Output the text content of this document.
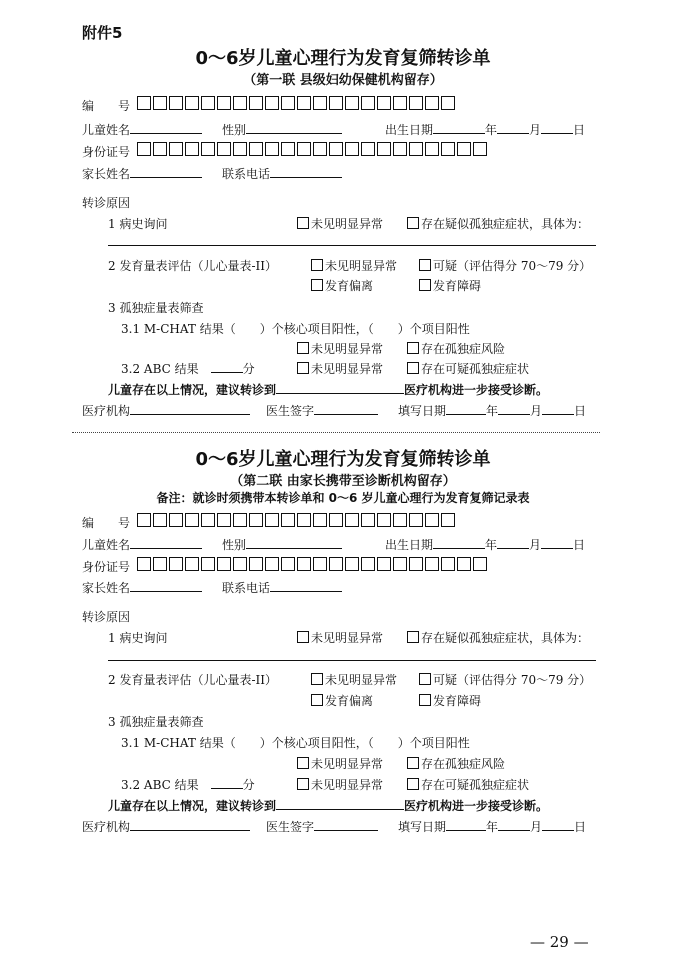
附件5
0～6岁儿童心理行为发育复筛转诊单
（第一联 县级妇幼保健机构留存）
编　　号
儿童姓名	性别	出生日期	年	月	日
身份证号
家长姓名	联系电话
转诊原因
1 病史询问	未见明显异常	存在疑似孤独症症状，具体为：
2 发育量表评估（儿心量表-II）	未见明显异常	可疑（评估得分 70～79 分）
发育偏离	发育障碍
3 孤独症量表筛查
3.1 M-CHAT 结果（　　）个核心项目阳性，（　　）个项目阳性
未见明显异常	存在孤独症风险
3.2 ABC 结果 	分	未见明显异常	存在可疑孤独症症状
儿童存在以上情况，建议转诊到	医疗机构进一步接受诊断。
医疗机构	医生签字	填写日期	年	月	日
0～6岁儿童心理行为发育复筛转诊单
（第二联 由家长携带至诊断机构留存）
备注：就诊时须携带本转诊单和 0～6 岁儿童心理行为发育复筛记录表
编　　号
儿童姓名	性别	出生日期	年	月	日
身份证号
家长姓名	联系电话
转诊原因
1 病史询问	未见明显异常	存在疑似孤独症症状，具体为：
2 发育量表评估（儿心量表-II）	未见明显异常	可疑（评估得分 70～79 分）
发育偏离	发育障碍
3 孤独症量表筛查
3.1 M-CHAT 结果（　　）个核心项目阳性，（　　）个项目阳性
未见明显异常	存在孤独症风险
3.2 ABC 结果 	分	未见明显异常	存在可疑孤独症症状
儿童存在以上情况，建议转诊到	医疗机构进一步接受诊断。
医疗机构	医生签字	填写日期	年	月	日
— 29 —
